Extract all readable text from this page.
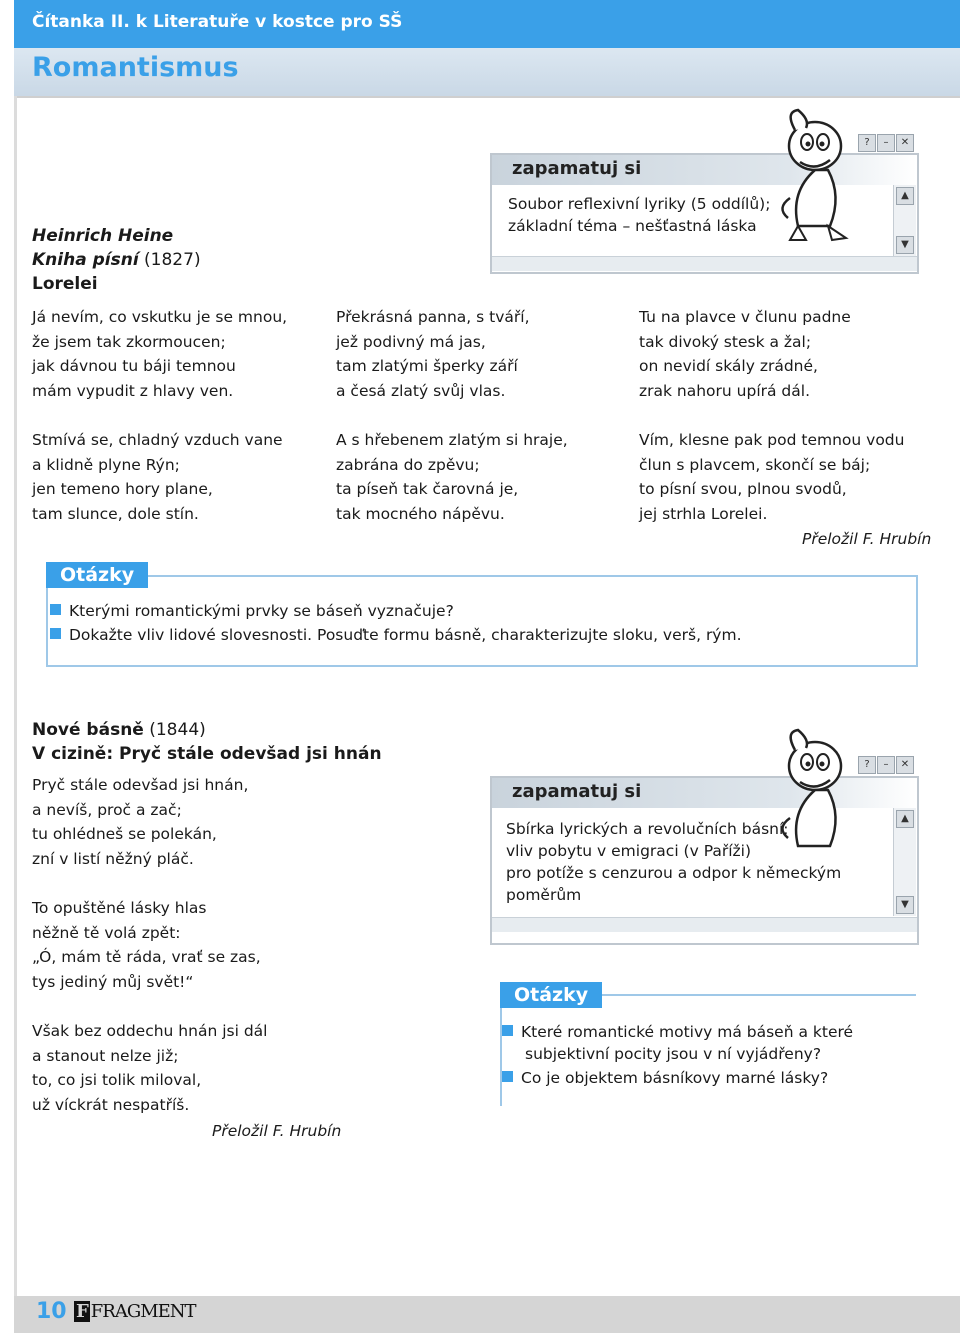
Čítanka II. k Literatuře v kostce pro SŠ
Romantismus
Heinrich Heine
Kniha písní (1827)
Lorelei
zapamatuj si
Soubor reflexivní lyriky (5 oddílů);
základní téma – nešťastná láska
▲
▼
?	–	✕
Já nevím, co vskutku je se mnou,
že jsem tak zkormoucen;
jak dávnou tu báji temnou
mám vypudit z hlavy ven.
Překrásná panna, s tváří,
jež podivný má jas,
tam zlatými šperky září
a česá zlatý svůj vlas.
Tu na plavce v člunu padne
tak divoký stesk a žal;
on nevidí skály zrádné,
zrak nahoru upírá dál.
Stmívá se, chladný vzduch vane
a klidně plyne Rýn;
jen temeno hory plane,
tam slunce, dole stín.
A s hřebenem zlatým si hraje,
zabrána do zpěvu;
ta píseň tak čarovná je,
tak mocného nápěvu.
Vím, klesne pak pod temnou vodu
člun s plavcem, skončí se báj;
to písní svou, plnou svodů,
jej strhla Lorelei.
Přeložil F. Hrubín
Otázky
Kterými romantickými prvky se báseň vyznačuje?
Dokažte vliv lidové slovesnosti. Posuďte formu básně, charakterizujte sloku, verš, rým.
Nové básně (1844)
V cizině: Pryč stále odevšad jsi hnán
Pryč stále odevšad jsi hnán,
a nevíš, proč a zač;
tu ohlédneš se polekán,
zní v listí něžný pláč.
To opuštěné lásky hlas
něžně tě volá zpět:
„Ó, mám tě ráda, vrať se zas,
tys jediný můj svět!“
Však bez oddechu hnán jsi dál
a stanout nelze již;
to, co jsi tolik miloval,
už víckrát nespatříš.
Přeložil F. Hrubín
zapamatuj si
Sbírka lyrických a revolučních básní;
vliv pobytu v emigraci (v Paříži)
pro potíže s cenzurou a odpor k německým
poměrům
▲
▼
?	–	✕
Otázky
Které romantické motivy má báseň a které
subjektivní pocity jsou v ní vyjádřeny?
Co je objektem básníkovy marné lásky?
10 F FRAGMENT
